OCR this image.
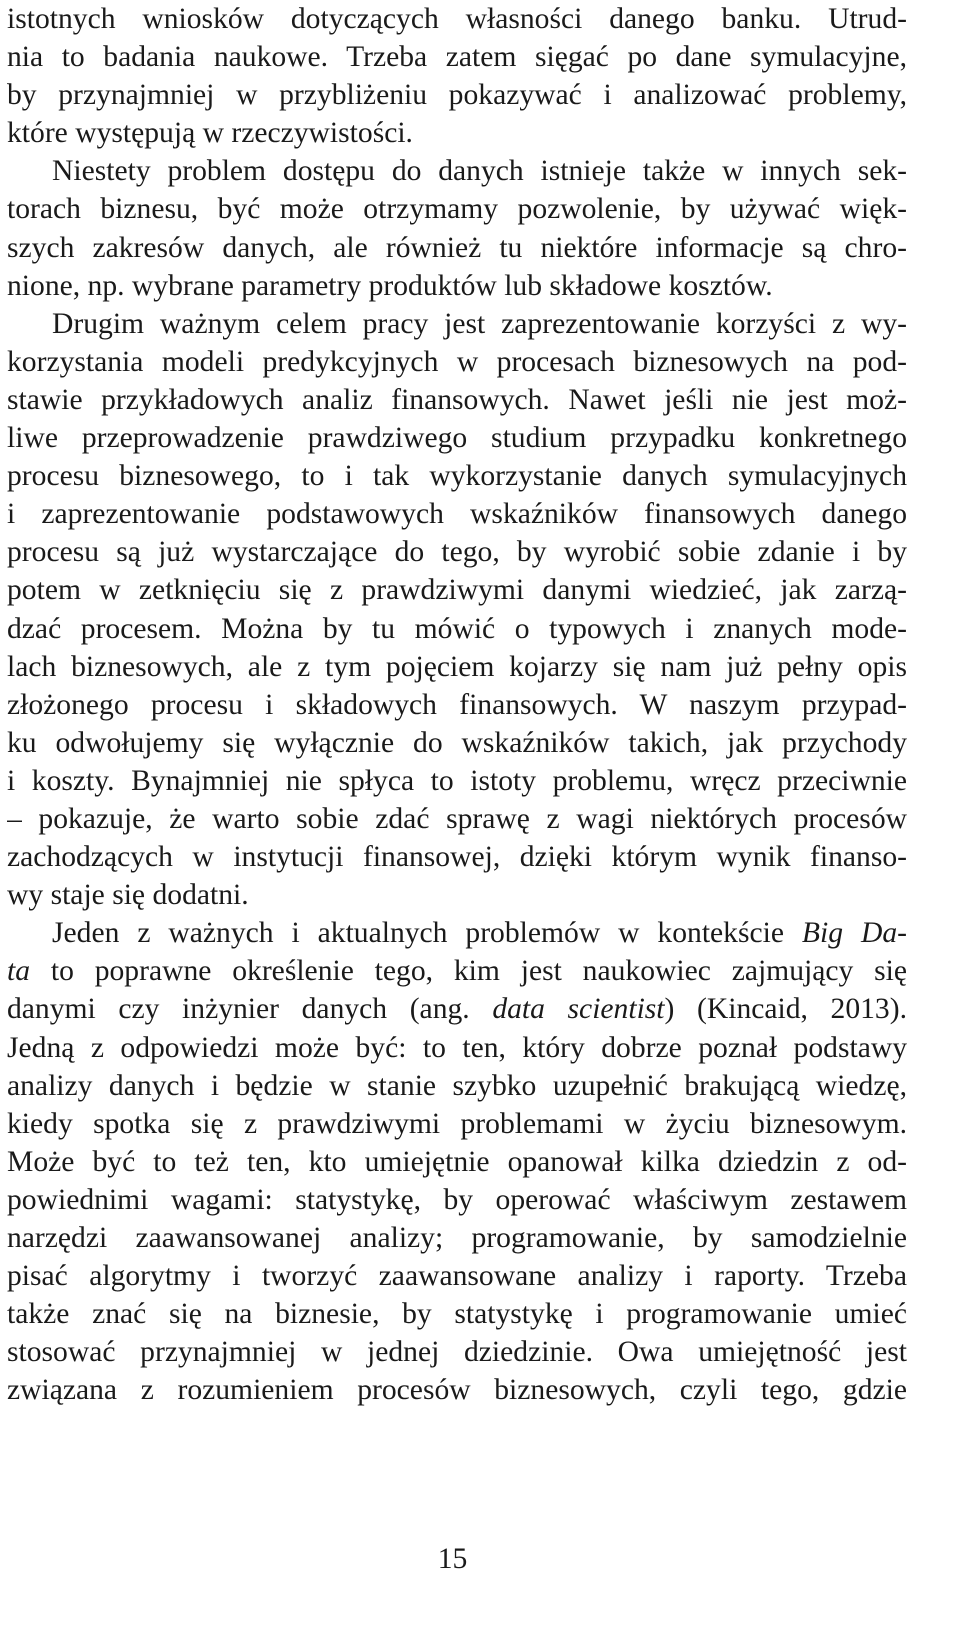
istotnych wniosków dotyczących własności danego banku. Utrud-
nia to badania naukowe. Trzeba zatem sięgać po dane symulacyjne,
by przynajmniej w przybliżeniu pokazywać i analizować problemy,
które występują w rzeczywistości.
Niestety problem dostępu do danych istnieje także w innych sek-
torach biznesu, być może otrzymamy pozwolenie, by używać więk-
szych zakresów danych, ale również tu niektóre informacje są chro-
nione, np. wybrane parametry produktów lub składowe kosztów.
Drugim ważnym celem pracy jest zaprezentowanie korzyści z wy-
korzystania modeli predykcyjnych w procesach biznesowych na pod-
stawie przykładowych analiz finansowych. Nawet jeśli nie jest moż-
liwe przeprowadzenie prawdziwego studium przypadku konkretnego
procesu biznesowego, to i tak wykorzystanie danych symulacyjnych
i zaprezentowanie podstawowych wskaźników finansowych danego
procesu są już wystarczające do tego, by wyrobić sobie zdanie i by
potem w zetknięciu się z prawdziwymi danymi wiedzieć, jak zarzą-
dzać procesem. Można by tu mówić o typowych i znanych mode-
lach biznesowych, ale z tym pojęciem kojarzy się nam już pełny opis
złożonego procesu i składowych finansowych. W naszym przypad-
ku odwołujemy się wyłącznie do wskaźników takich, jak przychody
i koszty. Bynajmniej nie spłyca to istoty problemu, wręcz przeciwnie
– pokazuje, że warto sobie zdać sprawę z wagi niektórych procesów
zachodzących w instytucji finansowej, dzięki którym wynik finanso-
wy staje się dodatni.
Jeden z ważnych i aktualnych problemów w kontekście Big Da-
ta to poprawne określenie tego, kim jest naukowiec zajmujący się
danymi czy inżynier danych (ang. data scientist) (Kincaid, 2013).
Jedną z odpowiedzi może być: to ten, który dobrze poznał podstawy
analizy danych i będzie w stanie szybko uzupełnić brakującą wiedzę,
kiedy spotka się z prawdziwymi problemami w życiu biznesowym.
Może być to też ten, kto umiejętnie opanował kilka dziedzin z od-
powiednimi wagami: statystykę, by operować właściwym zestawem
narzędzi zaawansowanej analizy; programowanie, by samodzielnie
pisać algorytmy i tworzyć zaawansowane analizy i raporty. Trzeba
także znać się na biznesie, by statystykę i programowanie umieć
stosować przynajmniej w jednej dziedzinie. Owa umiejętność jest
związana z rozumieniem procesów biznesowych, czyli tego, gdzie
15
